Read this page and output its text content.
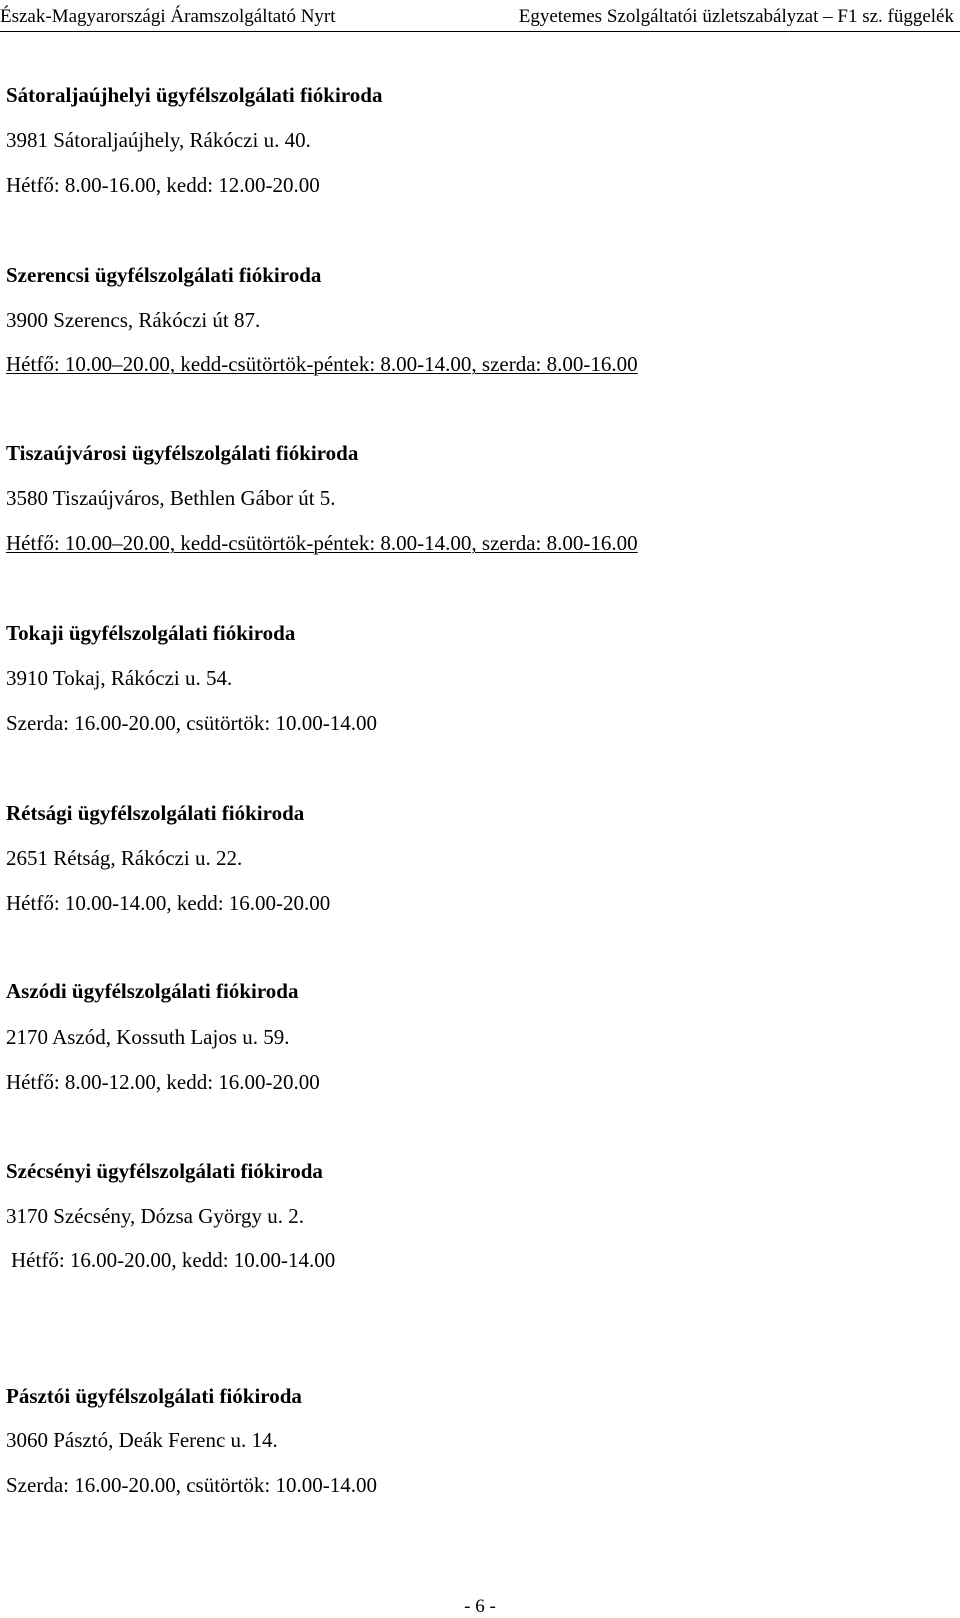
Észak-Magyarországi Áramszolgáltató Nyrt	Egyetemes Szolgáltatói üzletszabályzat – F1 sz. függelék
Sátoraljaújhelyi ügyfélszolgálati fiókiroda
3981 Sátoraljaújhely, Rákóczi u. 40.
Hétfő: 8.00-16.00, kedd: 12.00-20.00
Szerencsi ügyfélszolgálati fiókiroda
3900 Szerencs, Rákóczi út 87.
Hétfő: 10.00–20.00, kedd-csütörtök-péntek: 8.00-14.00, szerda: 8.00-16.00
Tiszaújvárosi ügyfélszolgálati fiókiroda
3580 Tiszaújváros, Bethlen Gábor út 5.
Hétfő: 10.00–20.00, kedd-csütörtök-péntek: 8.00-14.00, szerda: 8.00-16.00
Tokaji ügyfélszolgálati fiókiroda
3910 Tokaj, Rákóczi u. 54.
Szerda: 16.00-20.00, csütörtök: 10.00-14.00
Rétsági ügyfélszolgálati fiókiroda
2651 Rétság, Rákóczi u. 22.
Hétfő: 10.00-14.00, kedd: 16.00-20.00
Aszódi ügyfélszolgálati fiókiroda
2170 Aszód, Kossuth Lajos u. 59.
Hétfő: 8.00-12.00, kedd: 16.00-20.00
Szécsényi ügyfélszolgálati fiókiroda
3170 Szécsény, Dózsa György u. 2.
Hétfő: 16.00-20.00, kedd: 10.00-14.00
Pásztói ügyfélszolgálati fiókiroda
3060 Pásztó, Deák Ferenc u. 14.
Szerda: 16.00-20.00, csütörtök: 10.00-14.00
- 6 -
